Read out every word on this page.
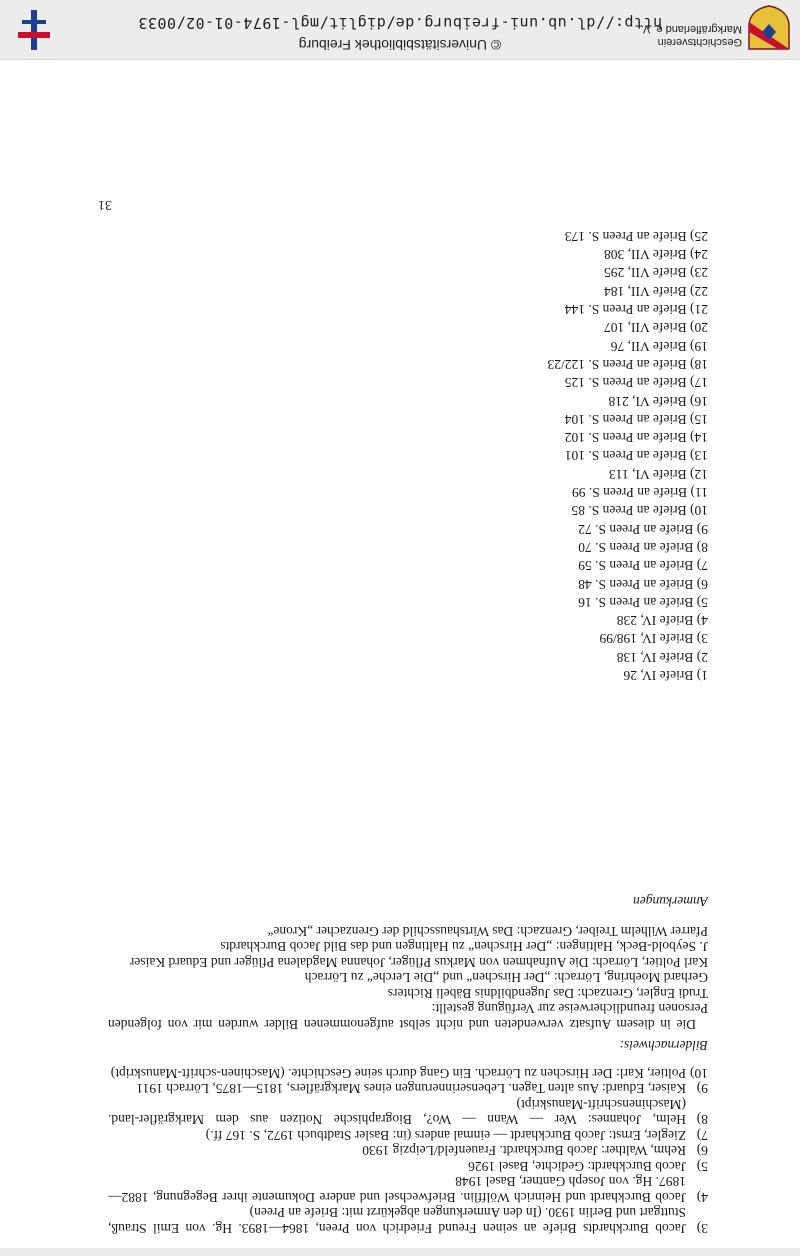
3)
Jacob Burckhardts Briefe an seinen Freund Friedrich von Preen, 1864—1893. Hg. von Emil Strauß, Stuttgart und Berlin 1930. (In den Anmerkungen abgekürzt mit: Briefe an Preen)
4)
Jacob Burckhardt und Heinrich Wölfflin. Briefwechsel und andere Dokumente ihrer Begegnung, 1882—1897. Hg. von Joseph Gantner, Basel 1948
5)
Jacob Burckhardt: Gedichte, Basel 1926
6)
Rehm, Walther: Jacob Burckhardt. Frauenfeld/Leipzig 1930
7)
Ziegler, Ernst: Jacob Burckhardt — einmal anders (in: Basler Stadtbuch 1972, S. 167 ff.)
8)
Helm, Johannes: Wer — Wann — Wo?, Biographische Notizen aus dem Markgräfler-land. (Maschinenschrift-Manuskript)
9)
Kaiser, Eduard: Aus alten Tagen. Lebenserinnerungen eines Markgräflers, 1815—1875, Lörrach 1911
10)
Poltier, Karl: Der Hirschen zu Lörrach. Ein Gang durch seine Geschichte. (Maschinen-schrift-Manuskript)
Bildernachweis:
Die in diesem Aufsatz verwendeten und nicht selbst aufgenommenen Bilder wurden mir von folgenden Personen freundlicherweise zur Verfügung gestellt:
Trudi Engler, Grenzach: Das Jugendbildnis Bäbeli Richters
Gerhard Moehring, Lörrach: „Der Hirschen“ und „Die Lerche“ zu Lörrach
Karl Poltier, Lörrach: Die Aufnahmen von Markus Pflüger, Johanna Magdalena Pflüger und Eduard Kaiser
J. Seybold-Beck, Haltingen: „Der Hirschen“ zu Haltingen und das Bild Jacob Burckhardts
Pfarrer Wilhelm Treiber, Grenzach: Das Wirtshausschild der Grenzacher „Krone“
Anmerkungen
1) Briefe IV, 26
2) Briefe IV, 138
3) Briefe IV, 198/99
4) Briefe IV, 238
5) Briefe an Preen S. 16
6) Briefe an Preen S. 48
7) Briefe an Preen S. 59
8) Briefe an Preen S. 70
9) Briefe an Preen S. 72
10) Briefe an Preen S. 85
11) Briefe an Preen S. 99
12) Briefe VI, 113
13) Briefe an Preen S. 101
14) Briefe an Preen S. 102
15) Briefe an Preen S. 104
16) Briefe VI, 218
17) Briefe an Preen S. 125
18) Briefe an Preen S. 122/23
19) Briefe VII, 76
20) Briefe VII, 107
21) Briefe an Preen S. 144
22) Briefe VII, 184
23) Briefe VII, 295
24) Briefe VII, 308
25) Briefe an Preen S. 173
31
© Universitätsbibliothek Freiburg
http://dl.ub.uni-freiburg.de/diglit/mgl-1974-01-02/0033
Geschichtsverein
Markgräflerland e. V.
